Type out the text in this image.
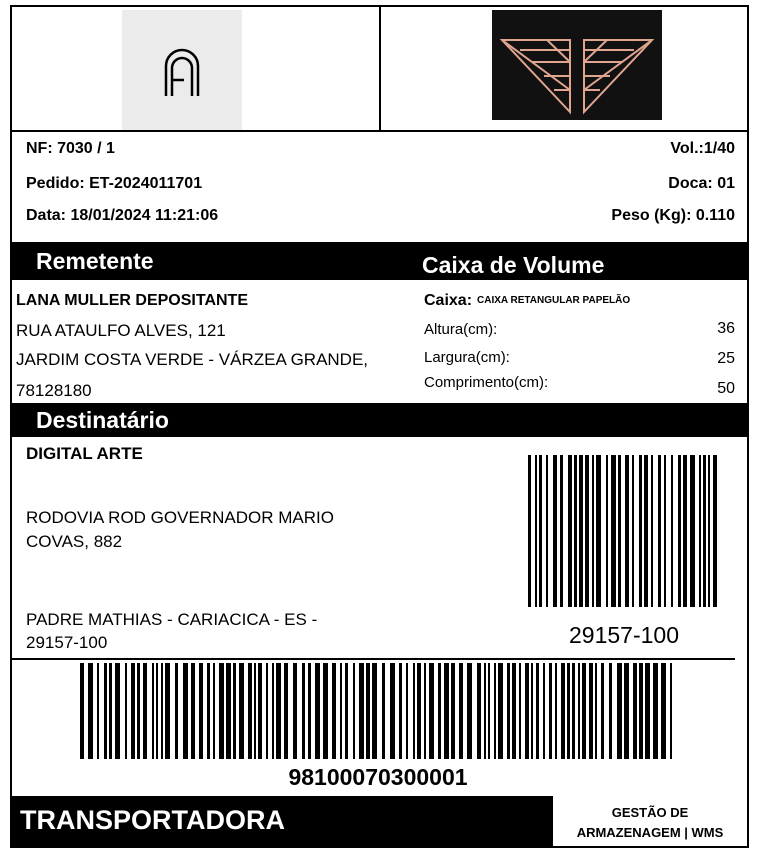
NF: 7030 / 1
Pedido: ET-2024011701
Data: 18/01/2024 11:21:06
Vol.:1/40
Doca: 01
Peso (Kg): 0.110
Remetente	Caixa de Volume
LANA MULLER DEPOSITANTE
RUA ATAULFO ALVES, 121
JARDIM COSTA VERDE - VÁRZEA GRANDE,
78128180
Caixa: CAIXA RETANGULAR PAPELÃO
Altura(cm):	36
Largura(cm):	25
Comprimento(cm):	50
Destinatário
DIGITAL ARTE
RODOVIA ROD GOVERNADOR MARIO
COVAS, 882
PADRE MATHIAS - CARIACICA - ES -
29157-100	29157-100
98100070300001
TRANSPORTADORA	GESTÃO DE
ARMAZENAGEM | WMS
